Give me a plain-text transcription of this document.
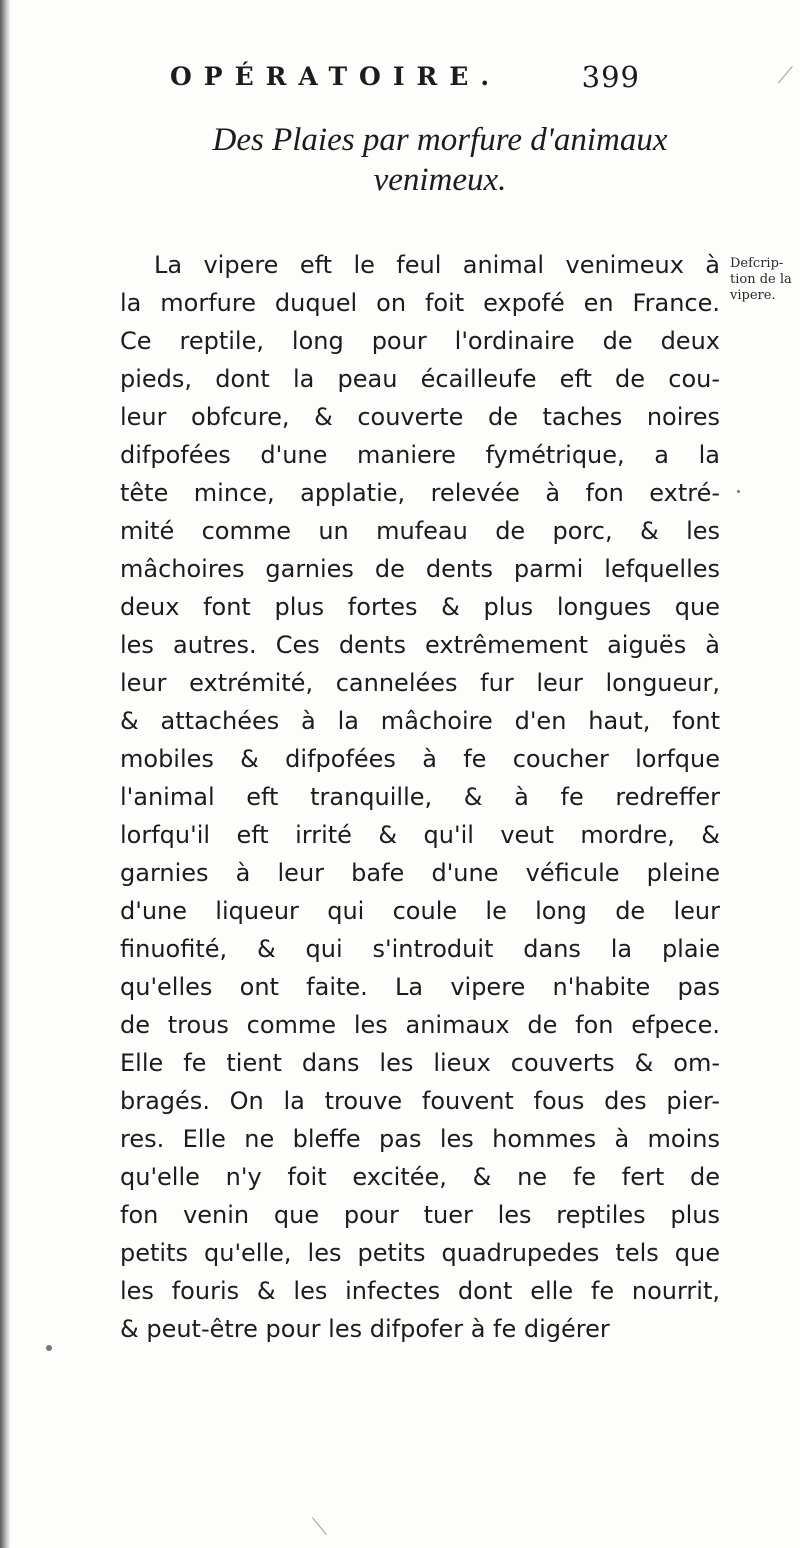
OPÉRATOIRE.	399
Des Plaies par morfure d'animaux
venimeux.
Defcrip-
tion de la
vipere.
La vipere eft le feul animal venimeux à
la morfure duquel on foit expofé en France.
Ce reptile, long pour l'ordinaire de deux
pieds, dont la peau écailleufe eft de cou-
leur obfcure, & couverte de taches noires
difpofées d'une maniere fymétrique, a la
tête mince, applatie, relevée à fon extré-
mité comme un mufeau de porc, & les
mâchoires garnies de dents parmi lefquelles
deux font plus fortes & plus longues que
les autres. Ces dents extrêmement aiguës à
leur extrémité, cannelées fur leur longueur,
& attachées à la mâchoire d'en haut, font
mobiles & difpofées à fe coucher lorfque
l'animal eft tranquille, & à fe redreffer
lorfqu'il eft irrité & qu'il veut mordre, &
garnies à leur bafe d'une véficule pleine
d'une liqueur qui coule le long de leur
finuofité, & qui s'introduit dans la plaie
qu'elles ont faite. La vipere n'habite pas
de trous comme les animaux de fon efpece.
Elle fe tient dans les lieux couverts & om-
bragés. On la trouve fouvent fous des pier-
res. Elle ne bleffe pas les hommes à moins
qu'elle n'y foit excitée, & ne fe fert de
fon venin que pour tuer les reptiles plus
petits qu'elle, les petits quadrupedes tels que
les fouris & les infectes dont elle fe nourrit,
& peut-être pour les difpofer à fe digérer
